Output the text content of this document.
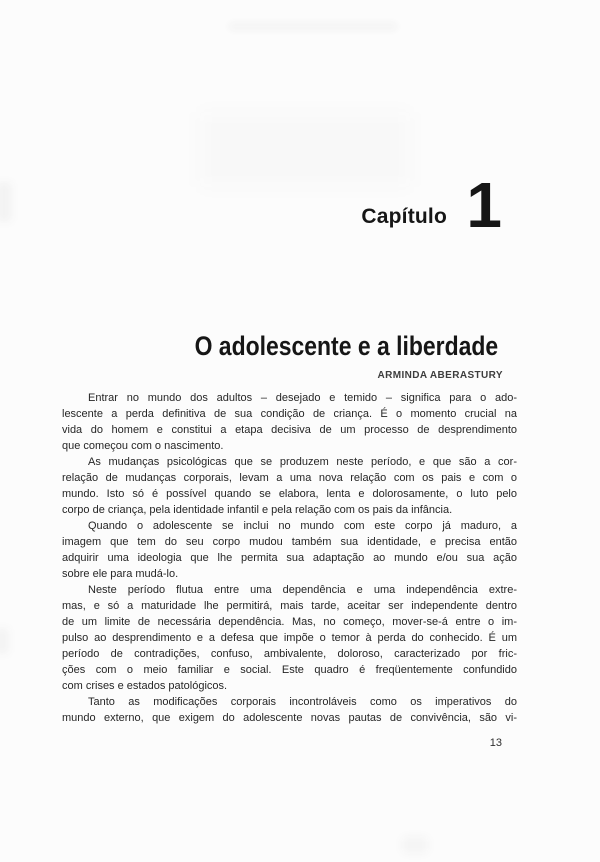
Capítulo 1
O adolescente e a liberdade
ARMINDA ABERASTURY

Entrar no mundo dos adultos – desejado e temido – significa para o ado-
lescente a perda definitiva de sua condição de criança. É o momento crucial na
vida do homem e constitui a etapa decisiva de um processo de desprendimento
que começou com o nascimento.

As mudanças psicológicas que se produzem neste período, e que são a cor-
relação de mudanças corporais, levam a uma nova relação com os pais e com o
mundo. Isto só é possível quando se elabora, lenta e dolorosamente, o luto pelo
corpo de criança, pela identidade infantil e pela relação com os pais da infância.

Quando o adolescente se inclui no mundo com este corpo já maduro, a
imagem que tem do seu corpo mudou também sua identidade, e precisa então
adquirir uma ideologia que lhe permita sua adaptação ao mundo e/ou sua ação
sobre ele para mudá-lo.

Neste período flutua entre uma dependência e uma independência extre-
mas, e só a maturidade lhe permitirá, mais tarde, aceitar ser independente dentro
de um limite de necessária dependência. Mas, no começo, mover-se-á entre o im-
pulso ao desprendimento e a defesa que impõe o temor à perda do conhecido. É um
período de contradições, confuso, ambivalente, doloroso, caracterizado por fric-
ções com o meio familiar e social. Este quadro é freqüentemente confundido
com crises e estados patológicos.

Tanto as modificações corporais incontroláveis como os imperativos do
mundo externo, que exigem do adolescente novas pautas de convivência, são vi-

13
